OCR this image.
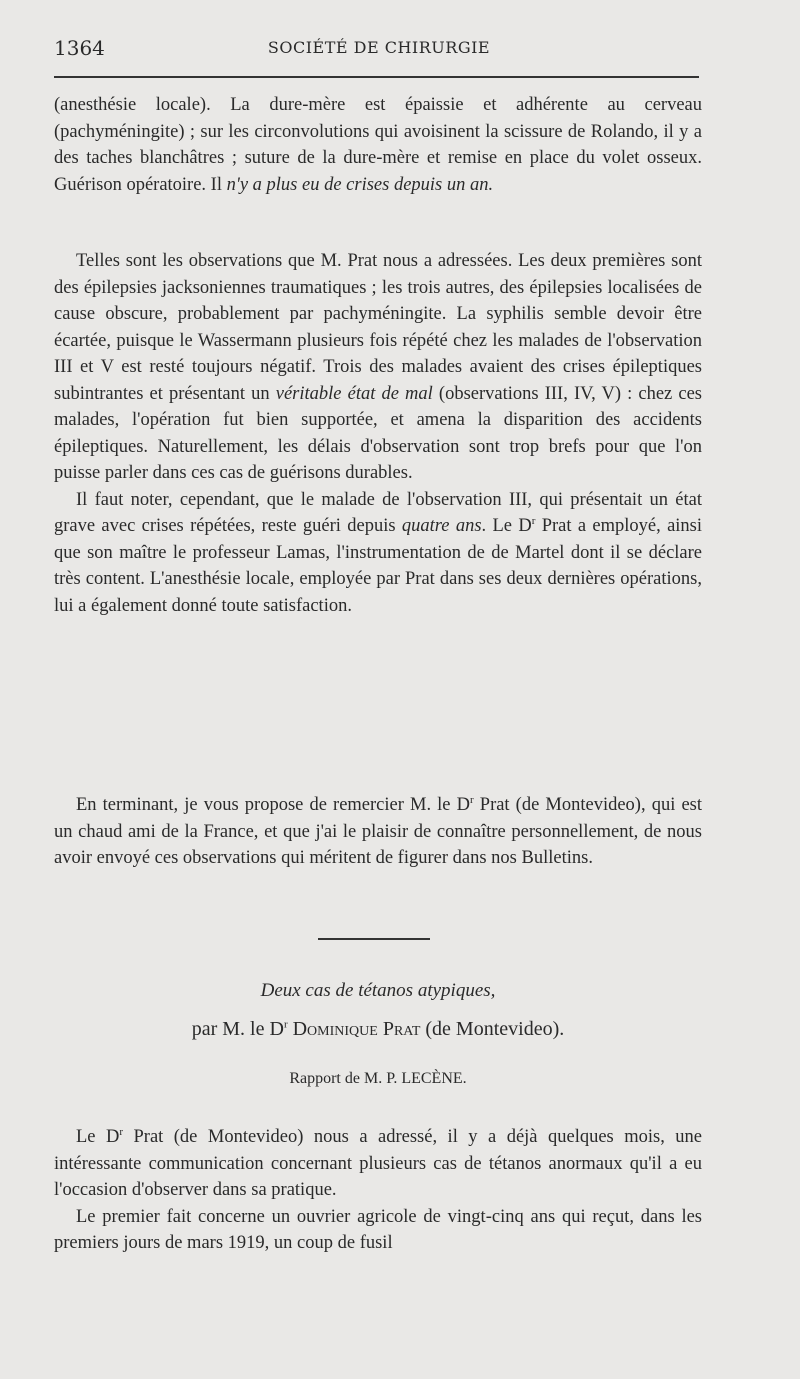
1364	SOCIÉTÉ DE CHIRURGIE

(anesthésie locale). La dure-mère est épaissie et adhérente au cerveau (pachyméningite) ; sur les circonvolutions qui avoisinent la scissure de Rolando, il y a des taches blanchâtres ; suture de la dure-mère et remise en place du volet osseux. Guérison opératoire. Il n'y a plus eu de crises depuis un an.

Telles sont les observations que M. Prat nous a adressées. Les deux premières sont des épilepsies jacksoniennes traumatiques ; les trois autres, des épilepsies localisées de cause obscure, probablement par pachyméningite. La syphilis semble devoir être écartée, puisque le Wassermann plusieurs fois répété chez les malades de l'observation III et V est resté toujours négatif. Trois des malades avaient des crises épileptiques subintrantes et présentant un véritable état de mal (observations III, IV, V) : chez ces malades, l'opération fut bien supportée, et amena la disparition des accidents épileptiques. Naturellement, les délais d'observation sont trop brefs pour que l'on puisse parler dans ces cas de guérisons durables.

Il faut noter, cependant, que le malade de l'observation III, qui présentait un état grave avec crises répétées, reste guéri depuis quatre ans. Le $D^r$ Prat a employé, ainsi que son maître le professeur Lamas, l'instrumentation de de Martel dont il se déclare très content. L'anesthésie locale, employée par Prat dans ses deux dernières opérations, lui a également donné toute satisfaction.

En terminant, je vous propose de remercier M. le $D^r$ Prat (de Montevideo), qui est un chaud ami de la France, et que j'ai le plaisir de connaître personnellement, de nous avoir envoyé ces observations qui méritent de figurer dans nos Bulletins.

Deux cas de tétanos atypiques,
par M. le $D^r$ Dominique Prat (de Montevideo).
Rapport de M. P. LECÈNE.

Le $D^r$ Prat (de Montevideo) nous a adressé, il y a déjà quelques mois, une intéressante communication concernant plusieurs cas de tétanos anormaux qu'il a eu l'occasion d'observer dans sa pratique.

Le premier fait concerne un ouvrier agricole de vingt-cinq ans qui reçut, dans les premiers jours de mars 1919, un coup de fusil
